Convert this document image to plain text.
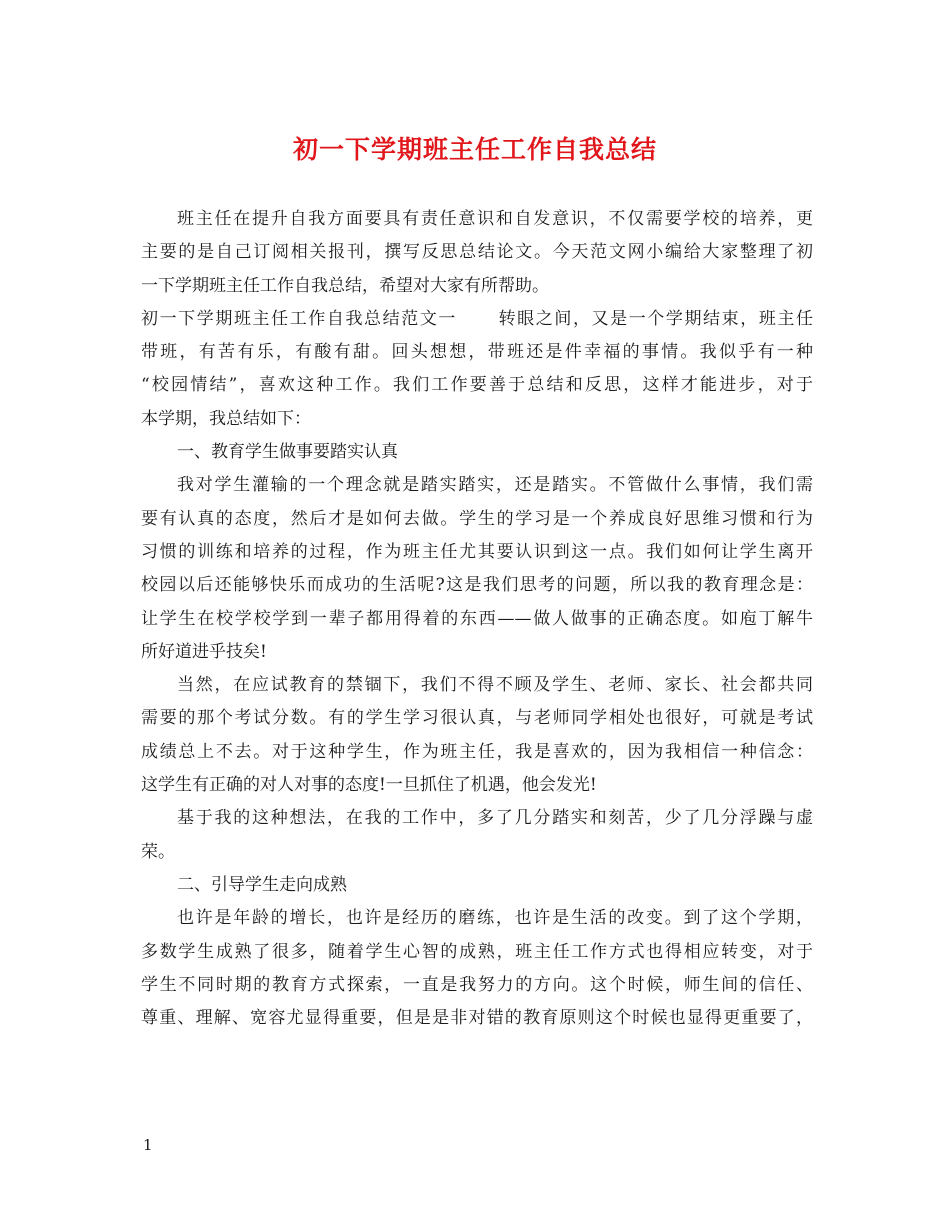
初一下学期班主任工作自我总结
班主任在提升自我方面要具有责任意识和自发意识，不仅需要学校的培养，更
主要的是自己订阅相关报刊，撰写反思总结论文。今天范文网小编给大家整理了初
一下学期班主任工作自我总结，希望对大家有所帮助。
初一下学期班主任工作自我总结范文一 转眼之间，又是一个学期结束，班主任
带班，有苦有乐，有酸有甜。回头想想，带班还是件幸福的事情。我似乎有一种
“校园情结”，喜欢这种工作。我们工作要善于总结和反思，这样才能进步，对于
本学期，我总结如下：
一、教育学生做事要踏实认真
我对学生灌输的一个理念就是踏实踏实，还是踏实。不管做什么事情，我们需
要有认真的态度，然后才是如何去做。学生的学习是一个养成良好思维习惯和行为
习惯的训练和培养的过程，作为班主任尤其要认识到这一点。我们如何让学生离开
校园以后还能够快乐而成功的生活呢?这是我们思考的问题，所以我的教育理念是：
让学生在校学校学到一辈子都用得着的东西——做人做事的正确态度。如庖丁解牛
所好道进乎技矣!
当然，在应试教育的禁锢下，我们不得不顾及学生、老师、家长、社会都共同
需要的那个考试分数。有的学生学习很认真，与老师同学相处也很好，可就是考试
成绩总上不去。对于这种学生，作为班主任，我是喜欢的，因为我相信一种信念：
这学生有正确的对人对事的态度!一旦抓住了机遇，他会发光!
基于我的这种想法，在我的工作中，多了几分踏实和刻苦，少了几分浮躁与虚
荣。
二、引导学生走向成熟
也许是年龄的增长，也许是经历的磨练，也许是生活的改变。到了这个学期，
多数学生成熟了很多，随着学生心智的成熟，班主任工作方式也得相应转变，对于
学生不同时期的教育方式探索，一直是我努力的方向。这个时候，师生间的信任、
尊重、理解、宽容尤显得重要，但是是非对错的教育原则这个时候也显得更重要了，
1
